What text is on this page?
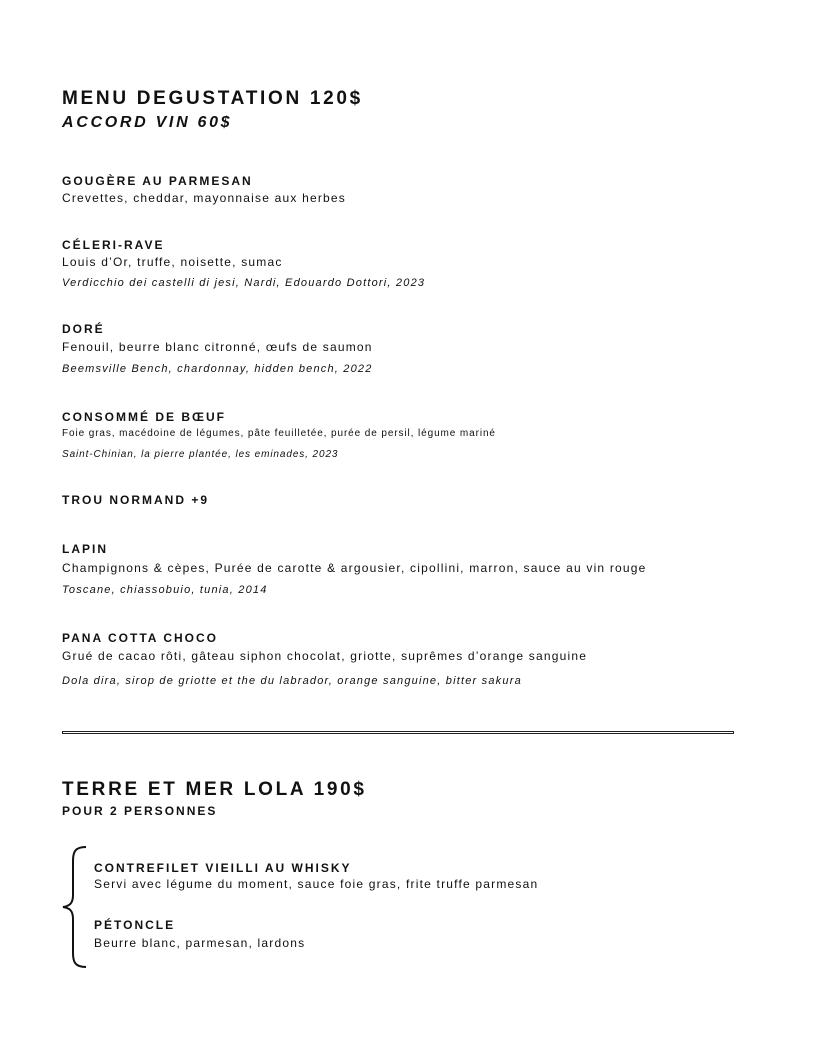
MENU DEGUSTATION 120$
ACCORD VIN 60$
GOUGÈRE AU PARMESAN
Crevettes, cheddar, mayonnaise aux herbes
CÉLERI-RAVE
Louis d’Or, truffe, noisette, sumac
Verdicchio dei castelli di jesi, Nardi, Edouardo Dottori, 2023
DORÉ
Fenouil, beurre blanc citronné, œufs de saumon
Beemsville Bench, chardonnay, hidden bench, 2022
CONSOMMÉ DE BŒUF
Foie gras, macédoine de légumes, pâte feuilletée, purée de persil, légume mariné
Saint-Chinian, la pierre plantée, les eminades, 2023
TROU NORMAND +9
LAPIN
Champignons & cèpes, Purée de carotte & argousier, cipollini, marron, sauce au vin rouge
Toscane, chiassobuio, tunia, 2014
PANA COTTA CHOCO
Grué de cacao rôti, gâteau siphon chocolat, griotte, suprêmes d’orange sanguine
Dola dira, sirop de griotte et the du labrador, orange sanguine, bitter sakura
TERRE ET MER LOLA 190$
POUR 2 PERSONNES
CONTREFILET VIEILLI AU WHISKY
Servi avec légume du moment, sauce foie gras, frite truffe parmesan
PÉTONCLE
Beurre blanc, parmesan, lardons
